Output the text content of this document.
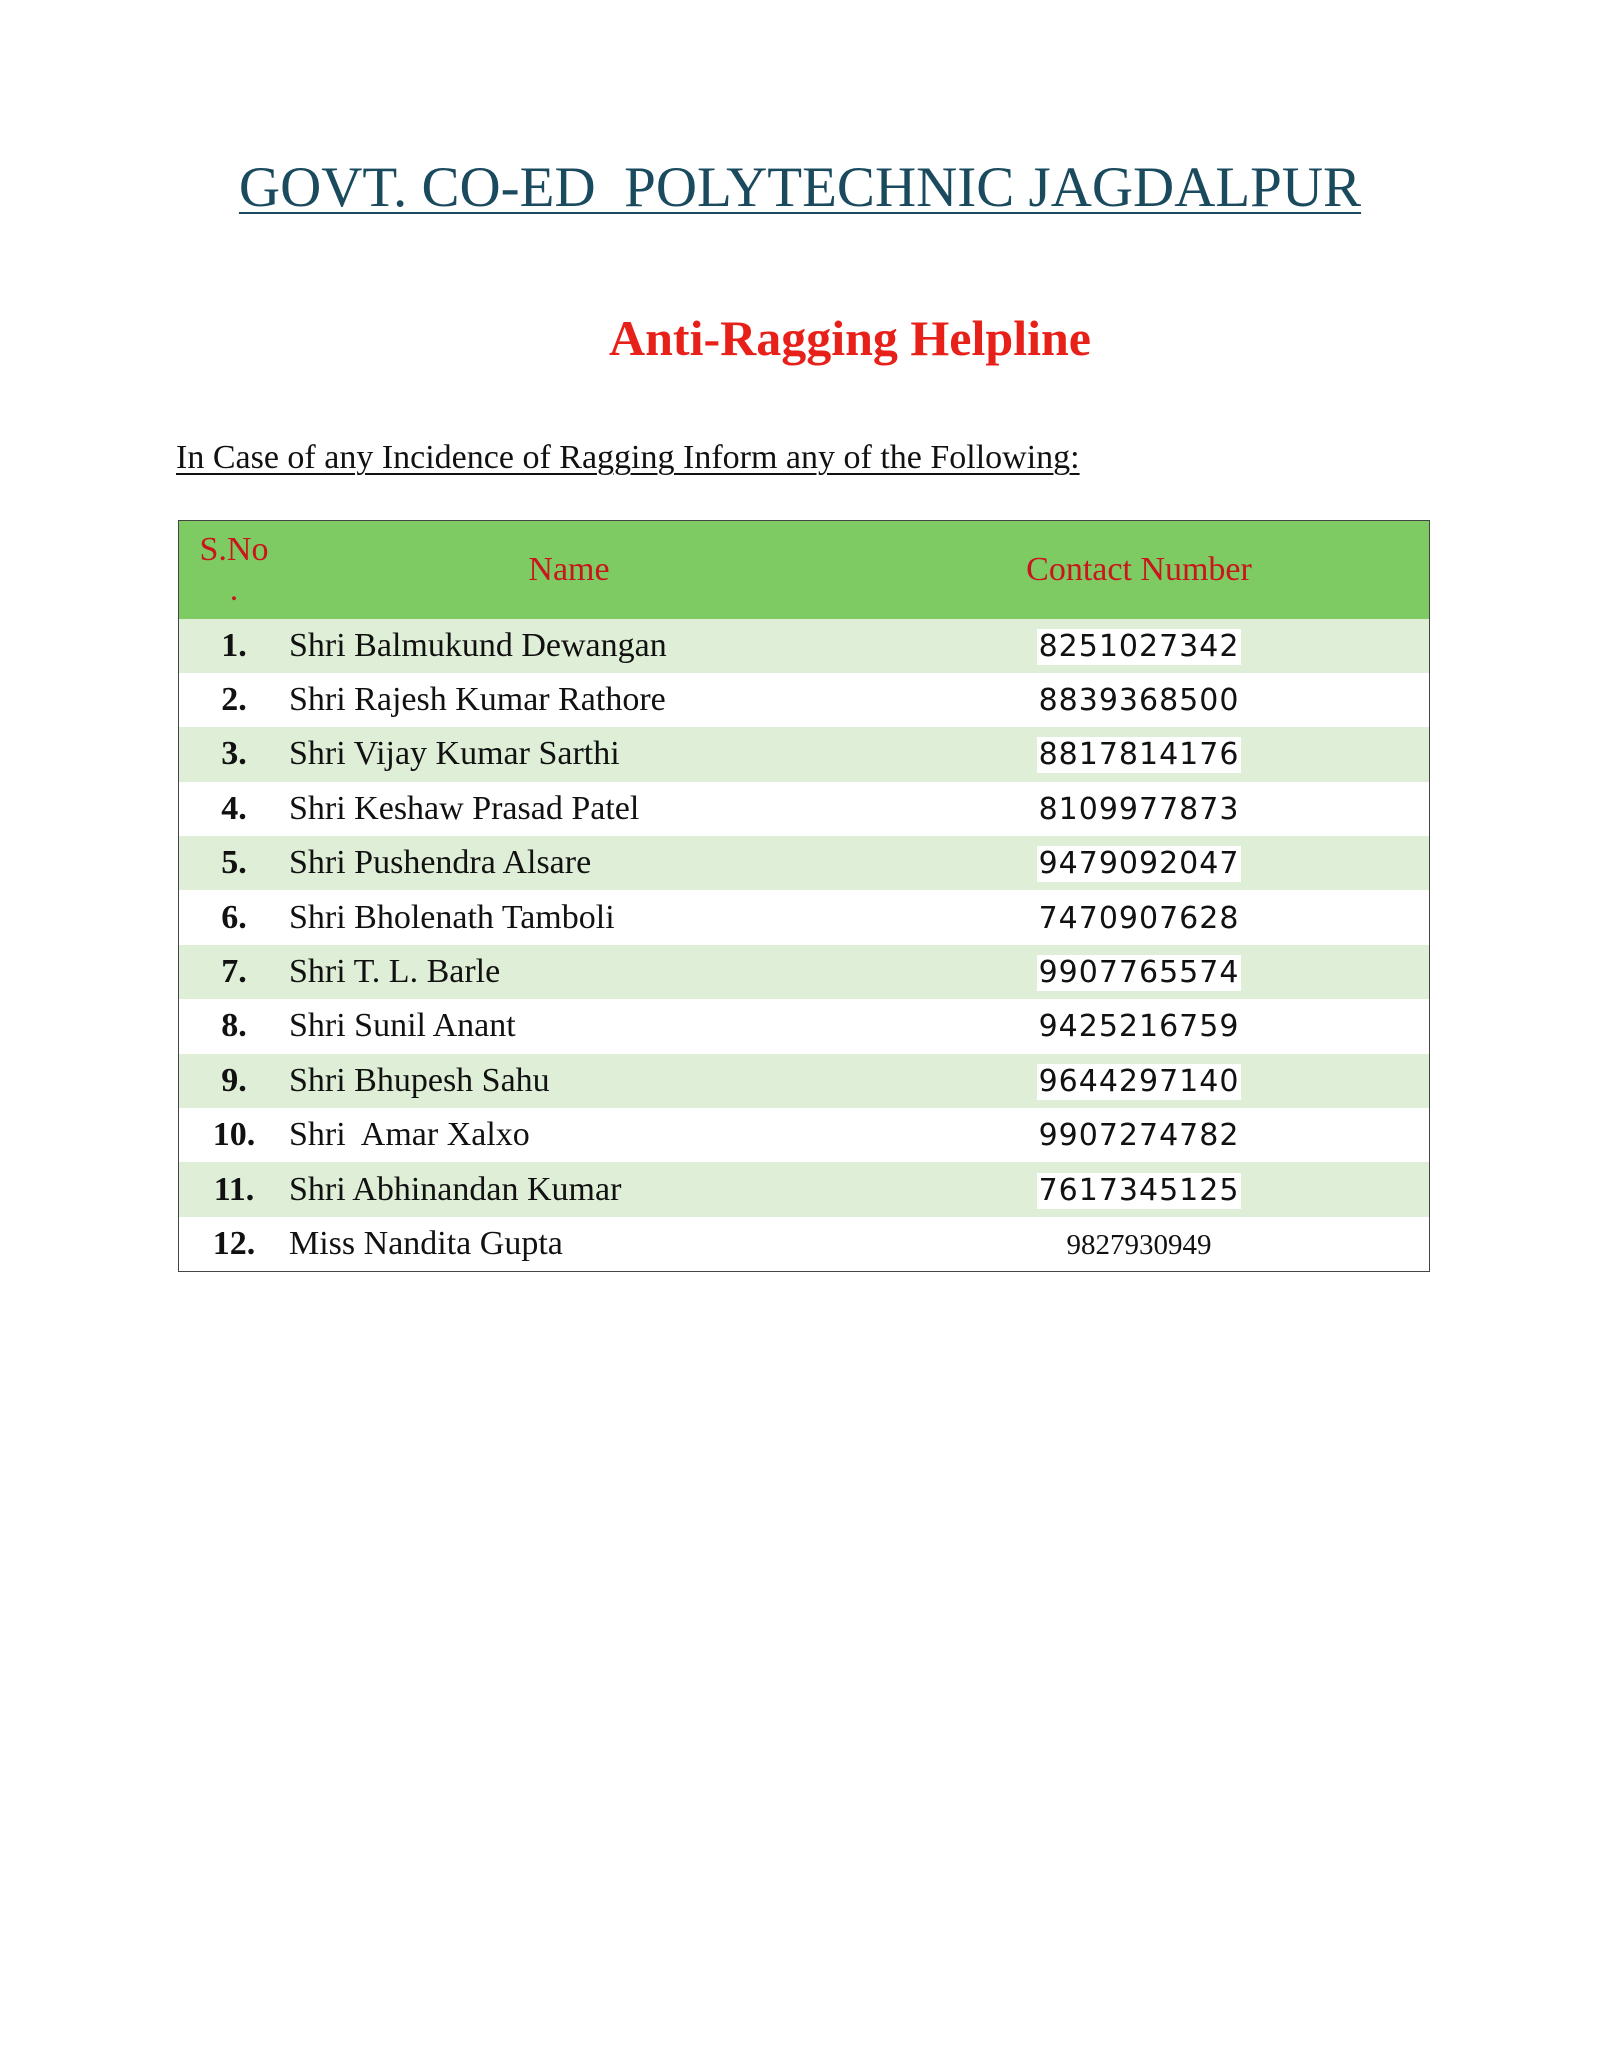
GOVT. CO-ED  POLYTECHNIC JAGDALPUR
Anti-Ragging Helpline

In Case of any Incidence of Ragging Inform any of the Following:

S.No
.	Name	Contact Number
1.	Shri Balmukund Dewangan	8251027342
2.	Shri Rajesh Kumar Rathore	8839368500
3.	Shri Vijay Kumar Sarthi	8817814176
4.	Shri Keshaw Prasad Patel	8109977873
5.	Shri Pushendra Alsare	9479092047
6.	Shri Bholenath Tamboli	7470907628
7.	Shri T. L. Barle	9907765574
8.	Shri Sunil Anant	9425216759
9.	Shri Bhupesh Sahu	9644297140
10.	Shri  Amar Xalxo	9907274782
11.	Shri Abhinandan Kumar	7617345125
12.	Miss Nandita Gupta	9827930949
